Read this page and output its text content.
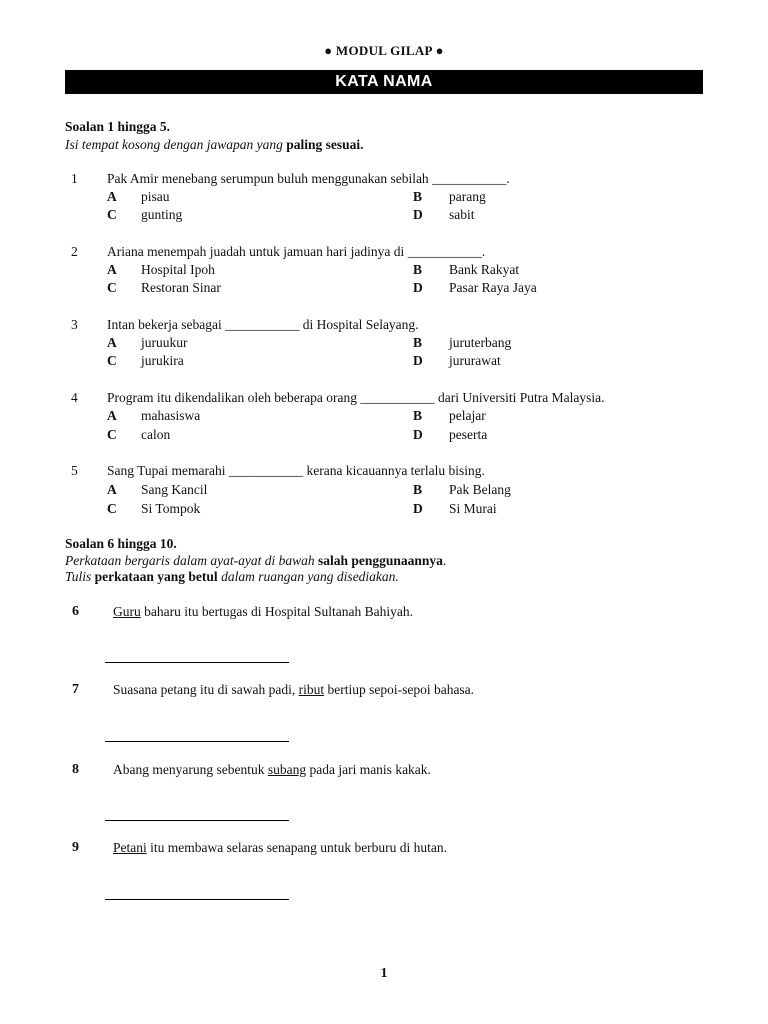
● MODUL GILAP ●
KATA NAMA
Soalan 1 hingga 5.
Isi tempat kosong dengan jawapan yang paling sesuai.
1	Pak Amir menebang serumpun buluh menggunakan sebilah ___________.
A pisau	B parang
C gunting	D sabit
2	Ariana menempah juadah untuk jamuan hari jadinya di ___________.
A Hospital Ipoh	B Bank Rakyat
C Restoran Sinar	D Pasar Raya Jaya
3	Intan bekerja sebagai ___________ di Hospital Selayang.
A juruukur	B juruterbang
C jurukira	D jururawat
4	Program itu dikendalikan oleh beberapa orang ___________ dari Universiti Putra Malaysia.
A mahasiswa	B pelajar
C calon	D peserta
5	Sang Tupai memarahi ___________ kerana kicauannya terlalu bising.
A Sang Kancil	B Pak Belang
C Si Tompok	D Si Murai
Soalan 6 hingga 10.
Perkataan bergaris dalam ayat-ayat di bawah salah penggunaannya.
Tulis perkataan yang betul dalam ruangan yang disediakan.
6	Guru baharu itu bertugas di Hospital Sultanah Bahiyah.
7	Suasana petang itu di sawah padi, ribut bertiup sepoi-sepoi bahasa.
8	Abang menyarung sebentuk subang pada jari manis kakak.
9	Petani itu membawa selaras senapang untuk berburu di hutan.
1
